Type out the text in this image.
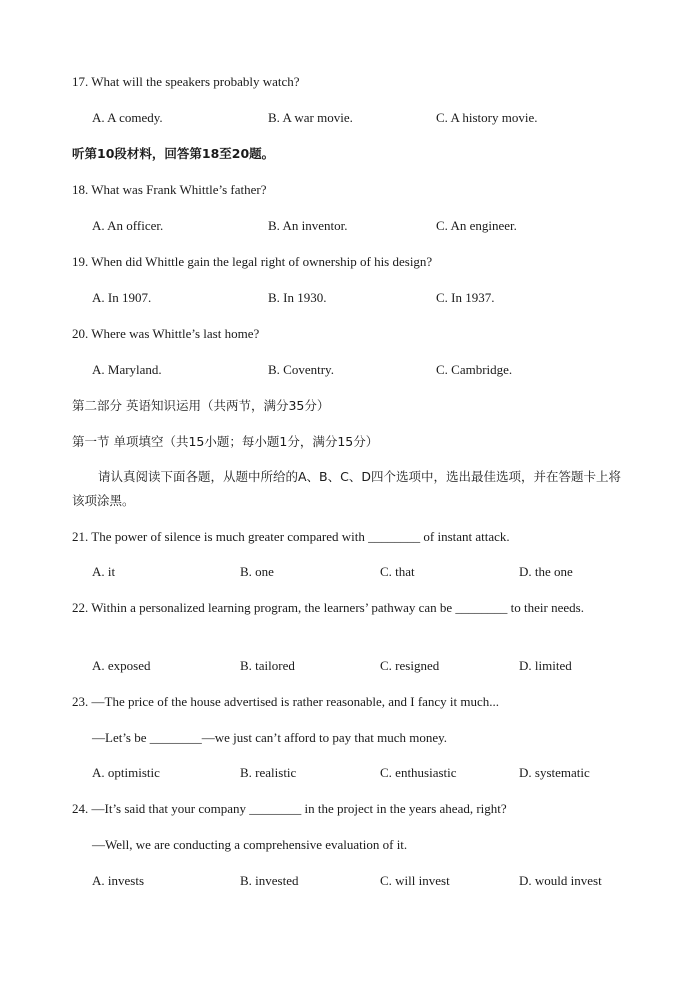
17. What will the speakers probably watch?
A. A comedy.	B. A war movie.	C. A history movie.
听第10段材料，回答第18至20题。
18. What was Frank Whittle’s father?
A. An officer.	B. An inventor.	C. An engineer.
19. When did Whittle gain the legal right of ownership of his design?
A. In 1907.	B. In 1930.	C. In 1937.
20. Where was Whittle’s last home?
A. Maryland.	B. Coventry.	C. Cambridge.
第二部分 英语知识运用（共两节，满分35分）
第一节 单项填空（共15小题；每小题1分，满分15分）
请认真阅读下面各题，从题中所给的A、B、C、D四个选项中，选出最佳选项，并在答题卡上将该项涂黑。
21. The power of silence is much greater compared with ________ of instant attack.
A. it	B. one	C. that	D. the one
22. Within a personalized learning program, the learners’ pathway can be ________ to their needs.
A. exposed	B. tailored	C. resigned	D. limited
23. —The price of the house advertised is rather reasonable, and I fancy it much...
—Let’s be ________—we just can’t afford to pay that much money.
A. optimistic	B. realistic	C. enthusiastic	D. systematic
24. —It’s said that your company ________ in the project in the years ahead, right?
—Well, we are conducting a comprehensive evaluation of it.
A. invests	B. invested	C. will invest	D. would invest
